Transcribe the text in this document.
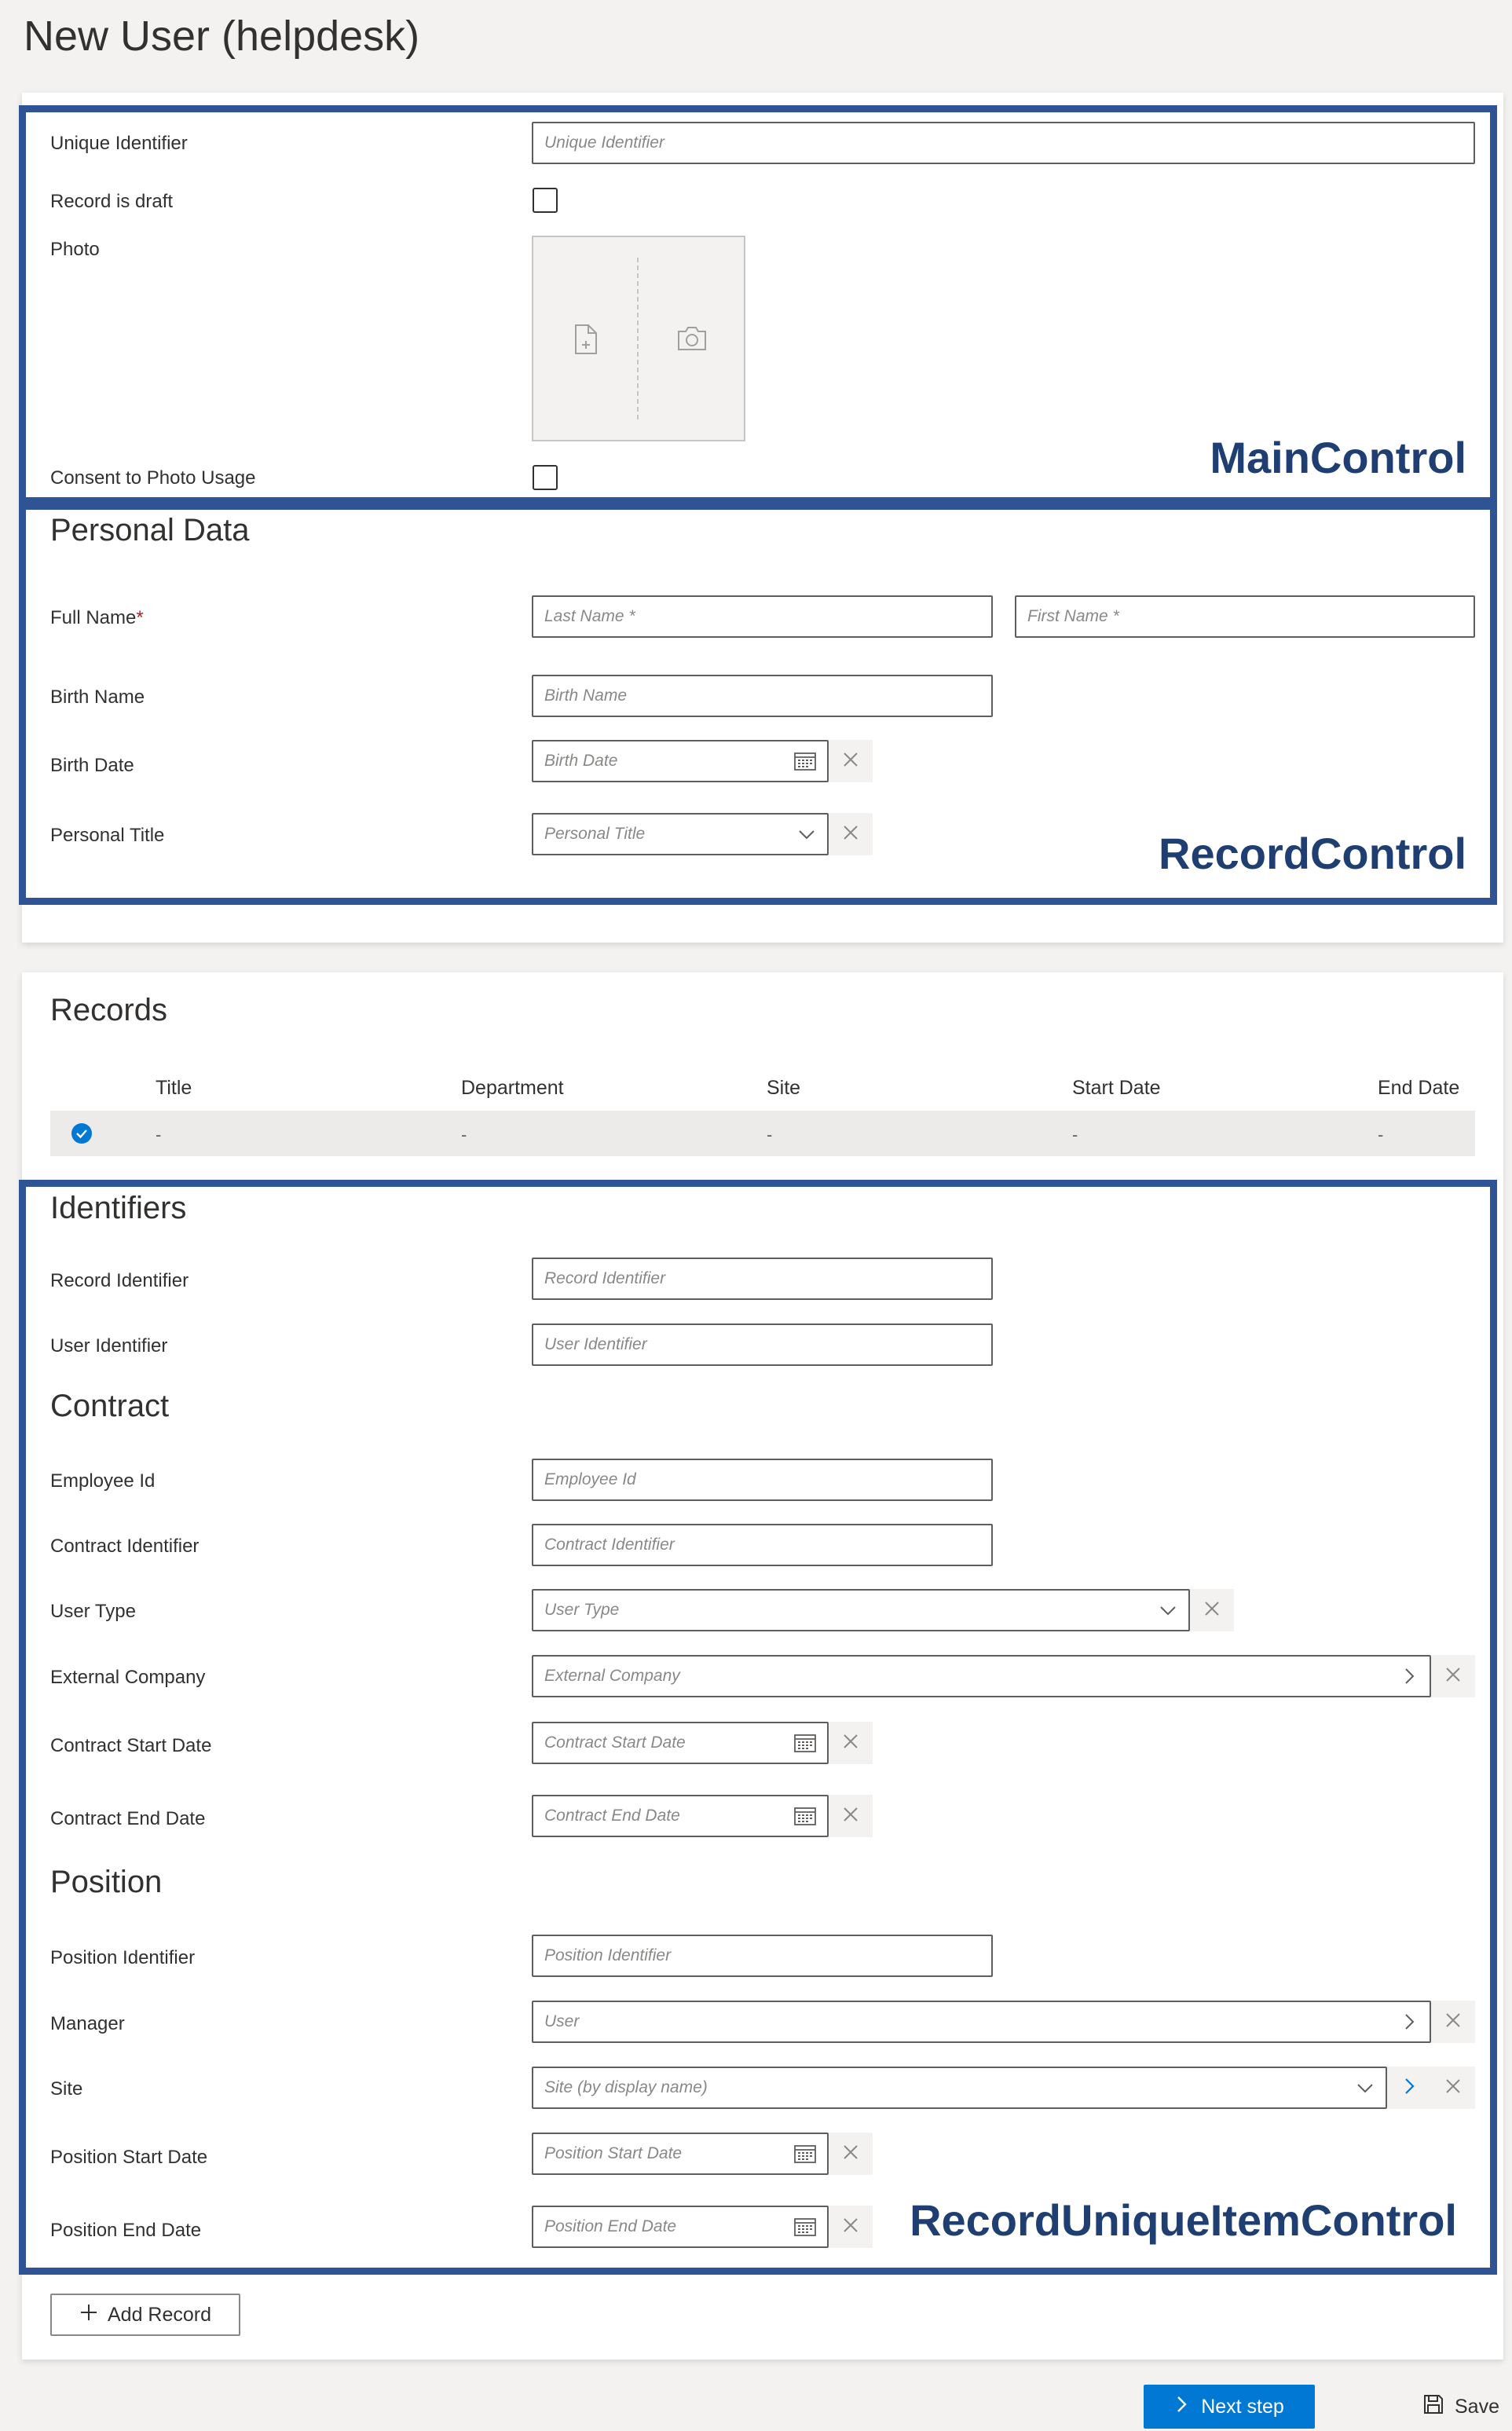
New User (helpdesk)
MainControl
Unique Identifier	Unique Identifier
Record is draft
Photo
Consent to Photo Usage
RecordControl
Personal Data
Full Name*	Last Name *	First Name *
Birth Name	Birth Name
Birth Date	Birth Date
Personal Title	Personal Title
Records
Title	Department	Site	Start Date	End Date
-	-	-	-	-
RecordUniqueItemControl
Identifiers
Record Identifier	Record Identifier
User Identifier	User Identifier
Contract
Employee Id	Employee Id
Contract Identifier	Contract Identifier
User Type	User Type
External Company	External Company
Contract Start Date	Contract Start Date
Contract End Date	Contract End Date
Position
Position Identifier	Position Identifier
Manager	User
Site	Site (by display name)
Position Start Date	Position Start Date
Position End Date	Position End Date
Add Record
Next step	Save
